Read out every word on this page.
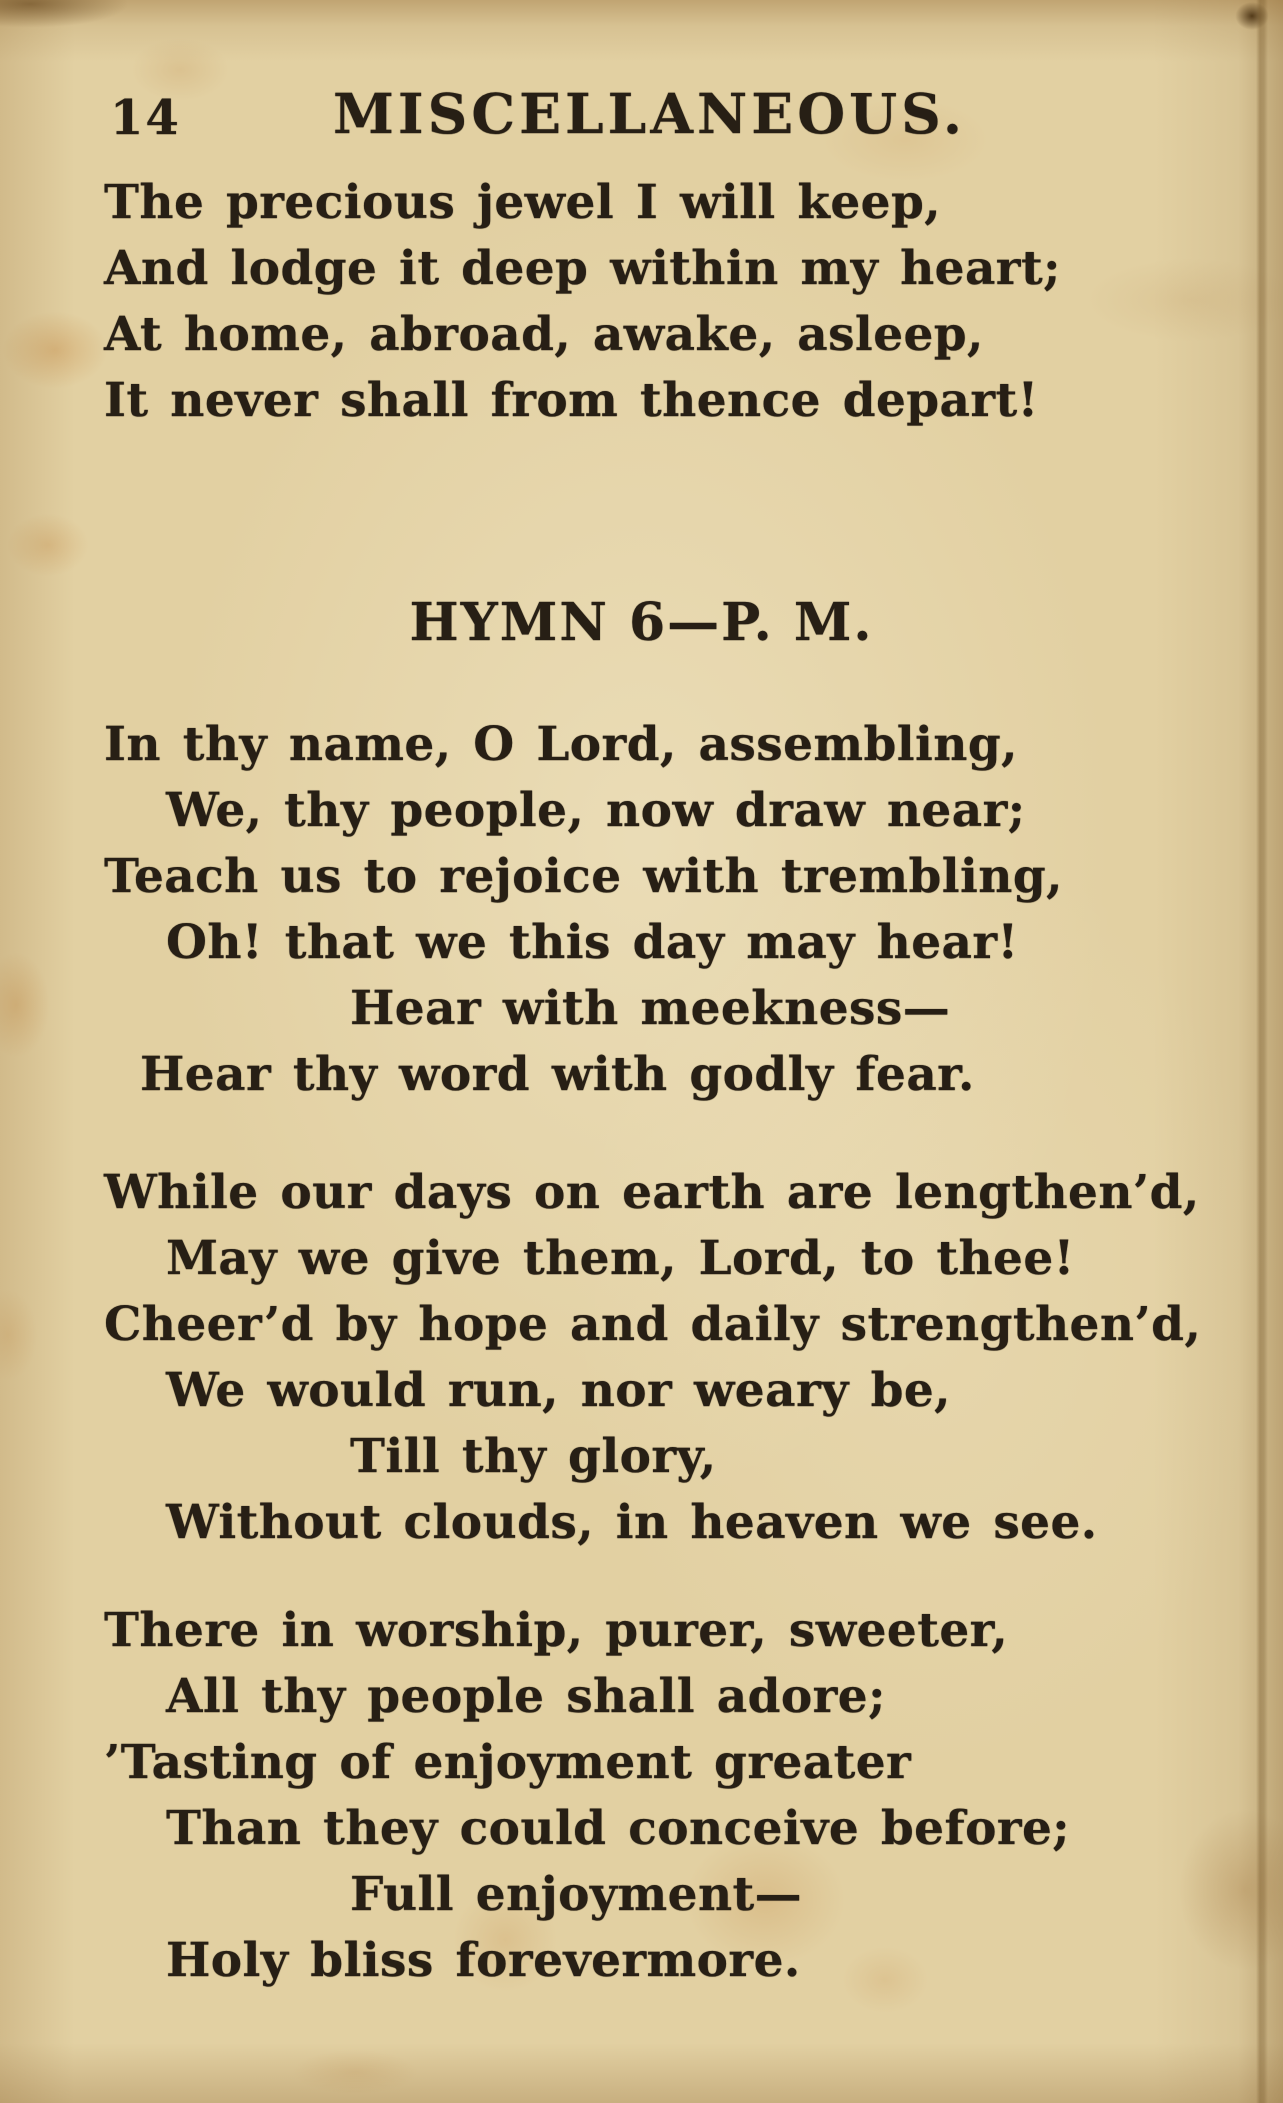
14	MISCELLANEOUS.
HYMN 6—P. M.
The precious jewel I will keep,
And lodge it deep within my heart;
At home, abroad, awake, asleep,
It never shall from thence depart!
In thy name, O Lord, assembling,
We, thy people, now draw near;
Teach us to rejoice with trembling,
Oh! that we this day may hear!
Hear with meekness—
Hear thy word with godly fear.
While our days on earth are lengthen’d,
May we give them, Lord, to thee!
Cheer’d by hope and daily strengthen’d,
We would run, nor weary be,
Till thy glory,
Without clouds, in heaven we see.
There in worship, purer, sweeter,
All thy people shall adore;
’Tasting of enjoyment greater
Than they could conceive before;
Full enjoyment—
Holy bliss forevermore.
